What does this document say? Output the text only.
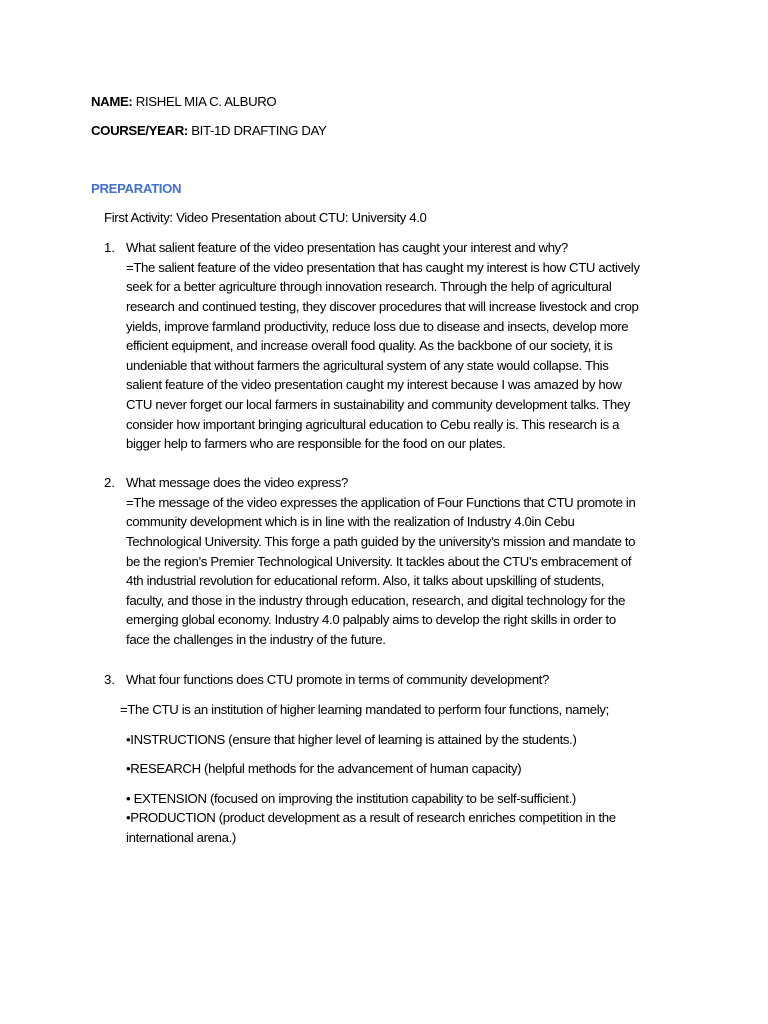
NAME: RISHEL MIA C. ALBURO
COURSE/YEAR: BIT-1D DRAFTING DAY
PREPARATION
First Activity: Video Presentation about CTU: University 4.0
1. What salient feature of the video presentation has caught your interest and why?
=The salient feature of the video presentation that has caught my interest is how CTU actively
seek for a better agriculture through innovation research. Through the help of agricultural
research and continued testing, they discover procedures that will increase livestock and crop
yields, improve farmland productivity, reduce loss due to disease and insects, develop more
efficient equipment, and increase overall food quality. As the backbone of our society, it is
undeniable that without farmers the agricultural system of any state would collapse. This
salient feature of the video presentation caught my interest because I was amazed by how
CTU never forget our local farmers in sustainability and community development talks. They
consider how important bringing agricultural education to Cebu really is. This research is a
bigger help to farmers who are responsible for the food on our plates.
2. What message does the video express?
=The message of the video expresses the application of Four Functions that CTU promote in
community development which is in line with the realization of Industry 4.0in Cebu
Technological University. This forge a path guided by the university’s mission and mandate to
be the region’s Premier Technological University. It tackles about the CTU’s embracement of
4th industrial revolution for educational reform. Also, it talks about upskilling of students,
faculty, and those in the industry through education, research, and digital technology for the
emerging global economy. Industry 4.0 palpably aims to develop the right skills in order to
face the challenges in the industry of the future.
3. What four functions does CTU promote in terms of community development?
=The CTU is an institution of higher learning mandated to perform four functions, namely;
•INSTRUCTIONS (ensure that higher level of learning is attained by the students.)
•RESEARCH (helpful methods for the advancement of human capacity)
• EXTENSION (focused on improving the institution capability to be self-sufficient.)
•PRODUCTION (product development as a result of research enriches competition in the
international arena.)
